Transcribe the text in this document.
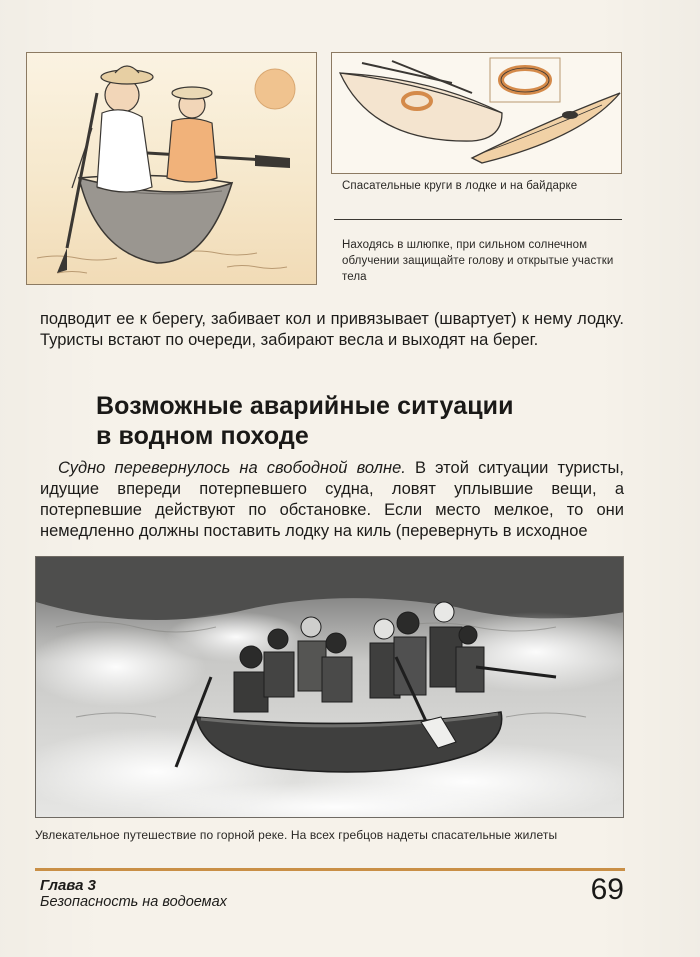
Спасательные круги в лодке и на байдарке
Находясь в шлюпке, при сильном солнечном облучении защищайте голову и открытые участки тела
подводит ее к берегу, забивает кол и привязывает (швартует) к нему лодку. Туристы встают по очереди, забирают весла и выходят на берег.
Возможные аварийные ситуации
в водном походе
Судно перевернулось на свободной волне. В этой ситуации туристы, идущие впереди потерпевшего судна, ловят уплывшие вещи, а потерпевшие действуют по обстановке. Если место мелкое, то они немедленно должны поставить лодку на киль (перевернуть в исходное
Увлекательное путешествие по горной реке. На всех гребцов надеты спасательные жилеты
Глава 3
Безопасность на водоемах	69
